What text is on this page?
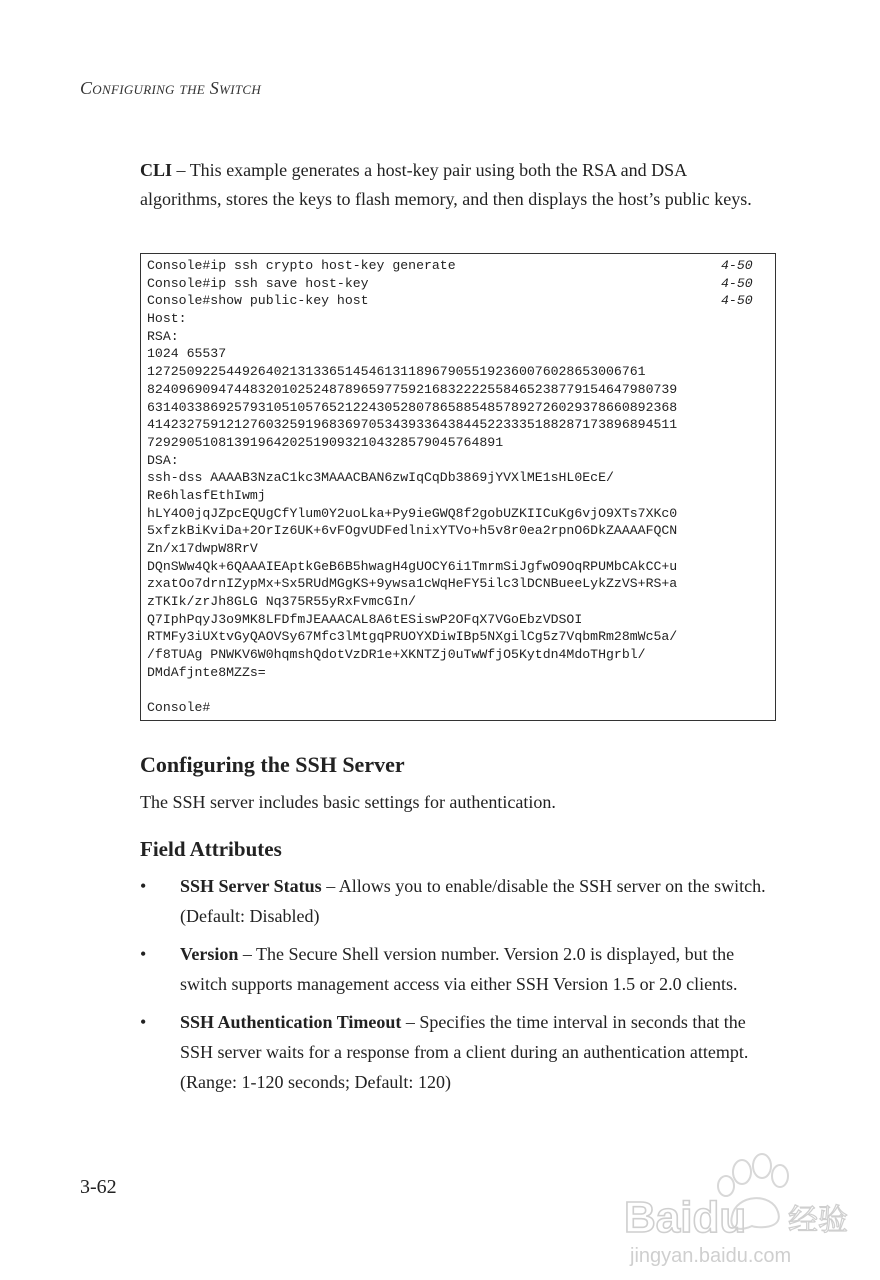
Configuring the Switch
CLI – This example generates a host-key pair using both the RSA and DSA algorithms, stores the keys to flash memory, and then displays the host’s public keys.
Console#ip ssh crypto host-key generate	4-50
Console#ip ssh save host-key	4-50
Console#show public-key host	4-50
Host:
RSA:
1024 65537
127250922544926402131336514546131189679055192360076028653006761
824096909474483201025248789659775921683222255846523877915464798073​9
631403386925793105105765212243052807865885485789272602937866089236​8
414232759121276032591968369705343933643844522333518828717389689451​1
72929051081391964202519093210432857904576489​1
DSA:
ssh-dss AAAAB3NzaC1kc3MAAACBAN6zwIqCqDb3869jYVXlME1sHL0EcE/
Re6hlasfEthIwmj
hLY4O0jqJZpcEQUgCfYlum0Y2uoLka+Py9ieGWQ8f2gobUZKIICuKg6vjO9XTs7XKc0
5xfzkBiKviDa+2OrIz6UK+6vFOgvUDFedlnixYTVo+h5v8r0ea2rpnO6DkZAAAAFQCN
Zn/x17dwpW8RrV
DQnSWw4Qk+6QAAAIEAptkGeB6B5hwagH4gUOCY6i1TmrmSiJgfwO9OqRPUMbCAkCC+u
zxatOo7drnIZypMx+Sx5RUdMGgKS+9ywsa1cWqHeFY5ilc3lDCNBueeLykZzVS+RS+a
zTKIk/zrJh8GLG Nq375R55yRxFvmcGIn/
Q7IphPqyJ3o9MK8LFDfmJEAAACAL8A6tESiswP2OFqX7VGoEbzVDSOI
RTMFy3iUXtvGyQAOVSy67Mfc3lMtgqPRUOYXDiwIBp5NXgilCg5z7VqbmRm28mWc5a/
/f8TUAg PNWKV6W0hqmshQdotVzDR1e+XKNTZj0uTwWfjO5Kytdn4MdoTHgrbl/
DMdAfjnte8MZZs=
Console#
Configuring the SSH Server
The SSH server includes basic settings for authentication.
Field Attributes
• SSH Server Status – Allows you to enable/disable the SSH server on the switch. (Default: Disabled)
• Version – The Secure Shell version number. Version 2.0 is displayed, but the switch supports management access via either SSH Version 1.5 or 2.0 clients.
• SSH Authentication Timeout – Specifies the time interval in seconds that the SSH server waits for a response from a client during an authentication attempt. (Range: 1-120 seconds; Default: 120)
3-62
Baidu 经验
jingyan.baidu.com
